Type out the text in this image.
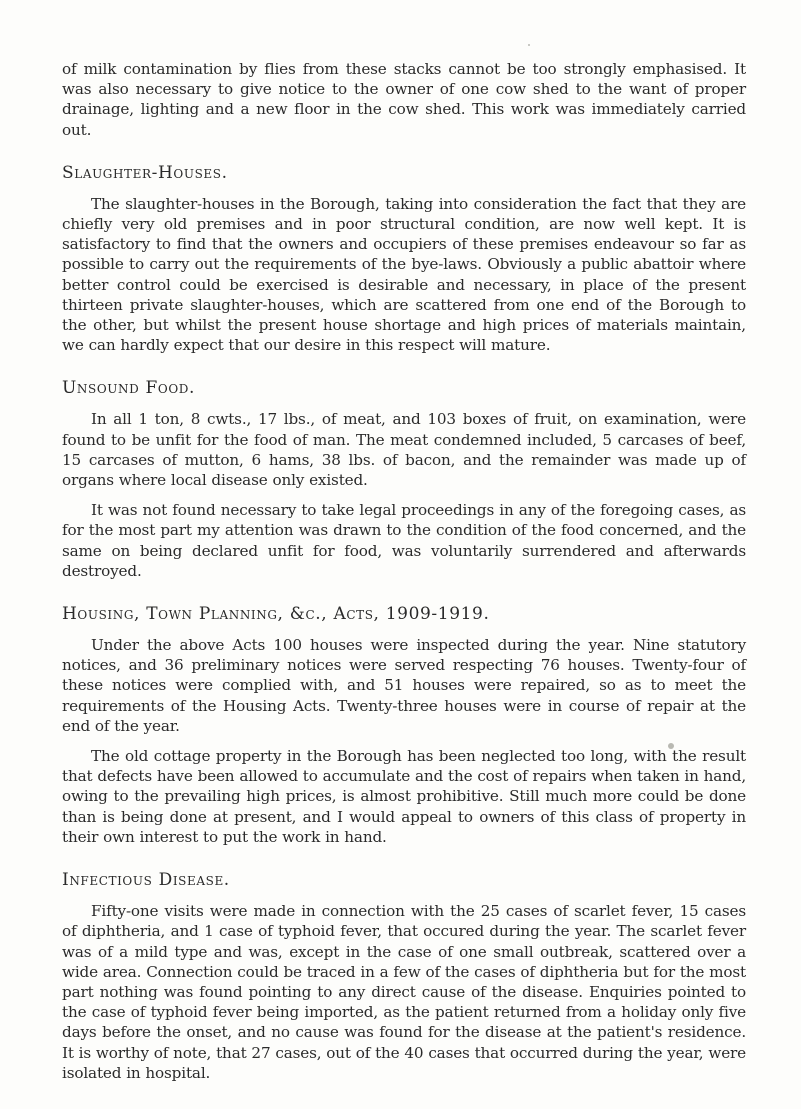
of milk contamination by flies from these stacks cannot be too strongly emphasised. It was also necessary to give notice to the owner of one cow shed to the want of proper drainage, lighting and a new floor in the cow shed. This work was immediately carried out.

Slaughter-Houses.

The slaughter-houses in the Borough, taking into consideration the fact that they are chiefly very old premises and in poor structural condition, are now well kept. It is satisfactory to find that the owners and occupiers of these premises endeavour so far as possible to carry out the requirements of the bye-laws. Obviously a public abattoir where better control could be exercised is desirable and necessary, in place of the present thirteen private slaughter-houses, which are scattered from one end of the Borough to the other, but whilst the present house shortage and high prices of materials maintain, we can hardly expect that our desire in this respect will mature.

Unsound Food.

In all 1 ton, 8 cwts., 17 lbs., of meat, and 103 boxes of fruit, on examination, were found to be unfit for the food of man. The meat condemned included, 5 carcases of beef, 15 carcases of mutton, 6 hams, 38 lbs. of bacon, and the remainder was made up of organs where local disease only existed.

It was not found necessary to take legal proceedings in any of the foregoing cases, as for the most part my attention was drawn to the condition of the food concerned, and the same on being declared unfit for food, was voluntarily surrendered and afterwards destroyed.

Housing, Town Planning, &c., Acts, 1909-1919.

Under the above Acts 100 houses were inspected during the year. Nine statutory notices, and 36 preliminary notices were served respecting 76 houses. Twenty-four of these notices were complied with, and 51 houses were repaired, so as to meet the requirements of the Housing Acts. Twenty-three houses were in course of repair at the end of the year.

The old cottage property in the Borough has been neglected too long, with the result that defects have been allowed to accumulate and the cost of repairs when taken in hand, owing to the prevailing high prices, is almost prohibitive. Still much more could be done than is being done at present, and I would appeal to owners of this class of property in their own interest to put the work in hand.

Infectious Disease.

Fifty-one visits were made in connection with the 25 cases of scarlet fever, 15 cases of diphtheria, and 1 case of typhoid fever, that occured during the year. The scarlet fever was of a mild type and was, except in the case of one small outbreak, scattered over a wide area. Connection could be traced in a few of the cases of diphtheria but for the most part nothing was found pointing to any direct cause of the disease. Enquiries pointed to the case of typhoid fever being imported, as the patient returned from a holiday only five days before the onset, and no cause was found for the disease at the patient's residence. It is worthy of note, that 27 cases, out of the 40 cases that occurred during the year, were isolated in hospital.
